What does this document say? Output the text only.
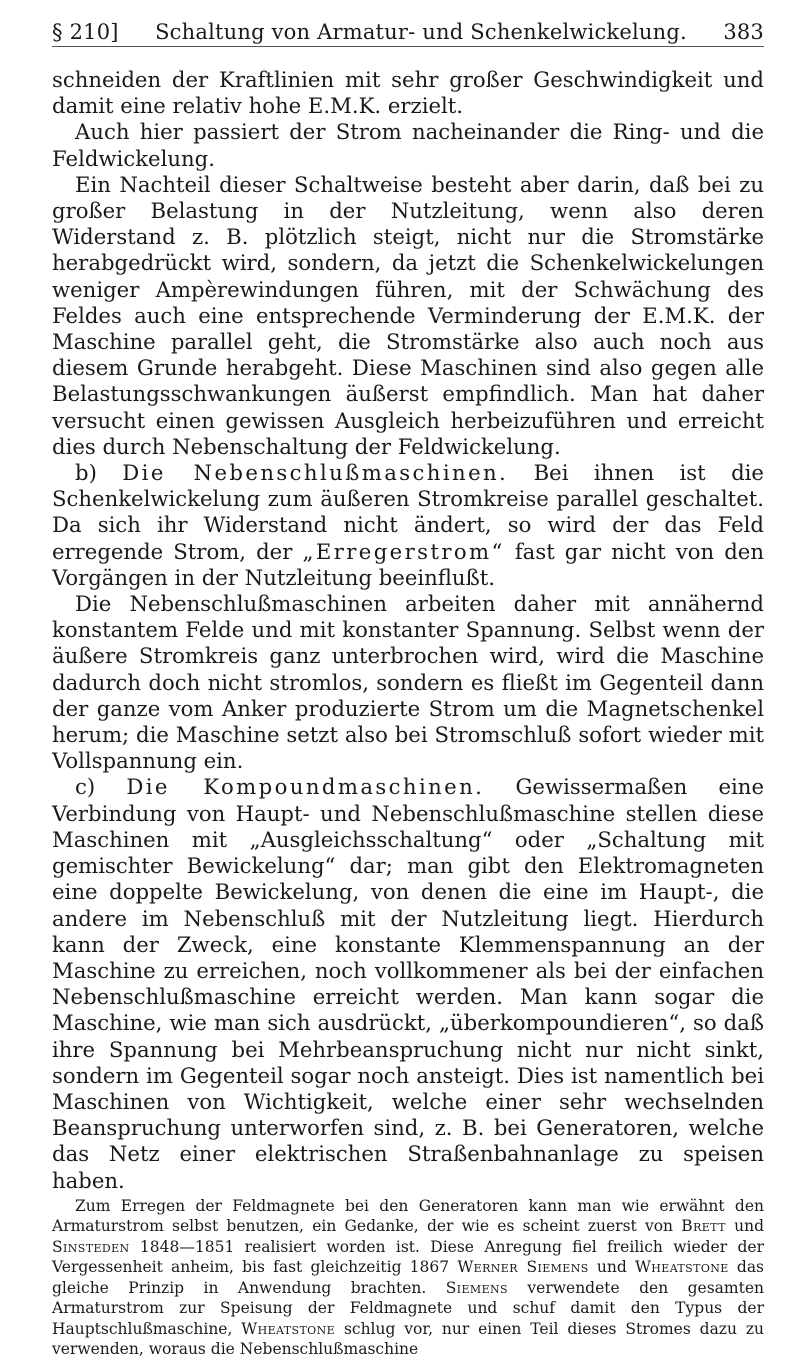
§ 210]	Schaltung von Armatur- und Schenkelwickelung.	383

schneiden der Kraftlinien mit sehr großer Geschwindigkeit und damit eine relativ hohe E.M.K. erzielt.

Auch hier passiert der Strom nacheinander die Ring- und die Feldwickelung.

Ein Nachteil dieser Schaltweise besteht aber darin, daß bei zu großer Belastung in der Nutzleitung, wenn also deren Widerstand z. B. plötzlich steigt, nicht nur die Stromstärke herabgedrückt wird, sondern, da jetzt die Schenkelwickelungen weniger Ampèrewindungen führen, mit der Schwächung des Feldes auch eine entsprechende Verminderung der E.M.K. der Maschine parallel geht, die Stromstärke also auch noch aus diesem Grunde herabgeht. Diese Maschinen sind also gegen alle Belastungsschwankungen äußerst empfindlich. Man hat daher versucht einen gewissen Ausgleich herbeizuführen und erreicht dies durch Nebenschaltung der Feldwickelung.

b) Die Nebenschlußmaschinen. Bei ihnen ist die Schenkelwickelung zum äußeren Stromkreise parallel geschaltet. Da sich ihr Widerstand nicht ändert, so wird der das Feld erregende Strom, der „Erregerstrom“ fast gar nicht von den Vorgängen in der Nutzleitung beeinflußt.

Die Nebenschlußmaschinen arbeiten daher mit annähernd konstantem Felde und mit konstanter Spannung. Selbst wenn der äußere Stromkreis ganz unterbrochen wird, wird die Maschine dadurch doch nicht stromlos, sondern es fließt im Gegenteil dann der ganze vom Anker produzierte Strom um die Magnetschenkel herum; die Maschine setzt also bei Stromschluß sofort wieder mit Vollspannung ein.

c) Die Kompoundmaschinen. Gewissermaßen eine Verbindung von Haupt- und Nebenschlußmaschine stellen diese Maschinen mit „Ausgleichsschaltung“ oder „Schaltung mit gemischter Bewickelung“ dar; man gibt den Elektromagneten eine doppelte Bewickelung, von denen die eine im Haupt-, die andere im Nebenschluß mit der Nutzleitung liegt. Hierdurch kann der Zweck, eine konstante Klemmenspannung an der Maschine zu erreichen, noch vollkommener als bei der einfachen Nebenschlußmaschine erreicht werden. Man kann sogar die Maschine, wie man sich ausdrückt, „überkompoundieren“, so daß ihre Spannung bei Mehrbeanspruchung nicht nur nicht sinkt, sondern im Gegenteil sogar noch ansteigt. Dies ist namentlich bei Maschinen von Wichtigkeit, welche einer sehr wechselnden Beanspruchung unterworfen sind, z. B. bei Generatoren, welche das Netz einer elektrischen Straßenbahnanlage zu speisen haben.

Zum Erregen der Feldmagnete bei den Generatoren kann man wie erwähnt den Armaturstrom selbst benutzen, ein Gedanke, der wie es scheint zuerst von Brett und Sinsteden 1848—1851 realisiert worden ist. Diese Anregung fiel freilich wieder der Vergessenheit anheim, bis fast gleichzeitig 1867 Werner Siemens und Wheatstone das gleiche Prinzip in Anwendung brachten. Siemens verwendete den gesamten Armaturstrom zur Speisung der Feldmagnete und schuf damit den Typus der Hauptschlußmaschine, Wheatstone schlug vor, nur einen Teil dieses Stromes dazu zu verwenden, woraus die Nebenschlußmaschine
